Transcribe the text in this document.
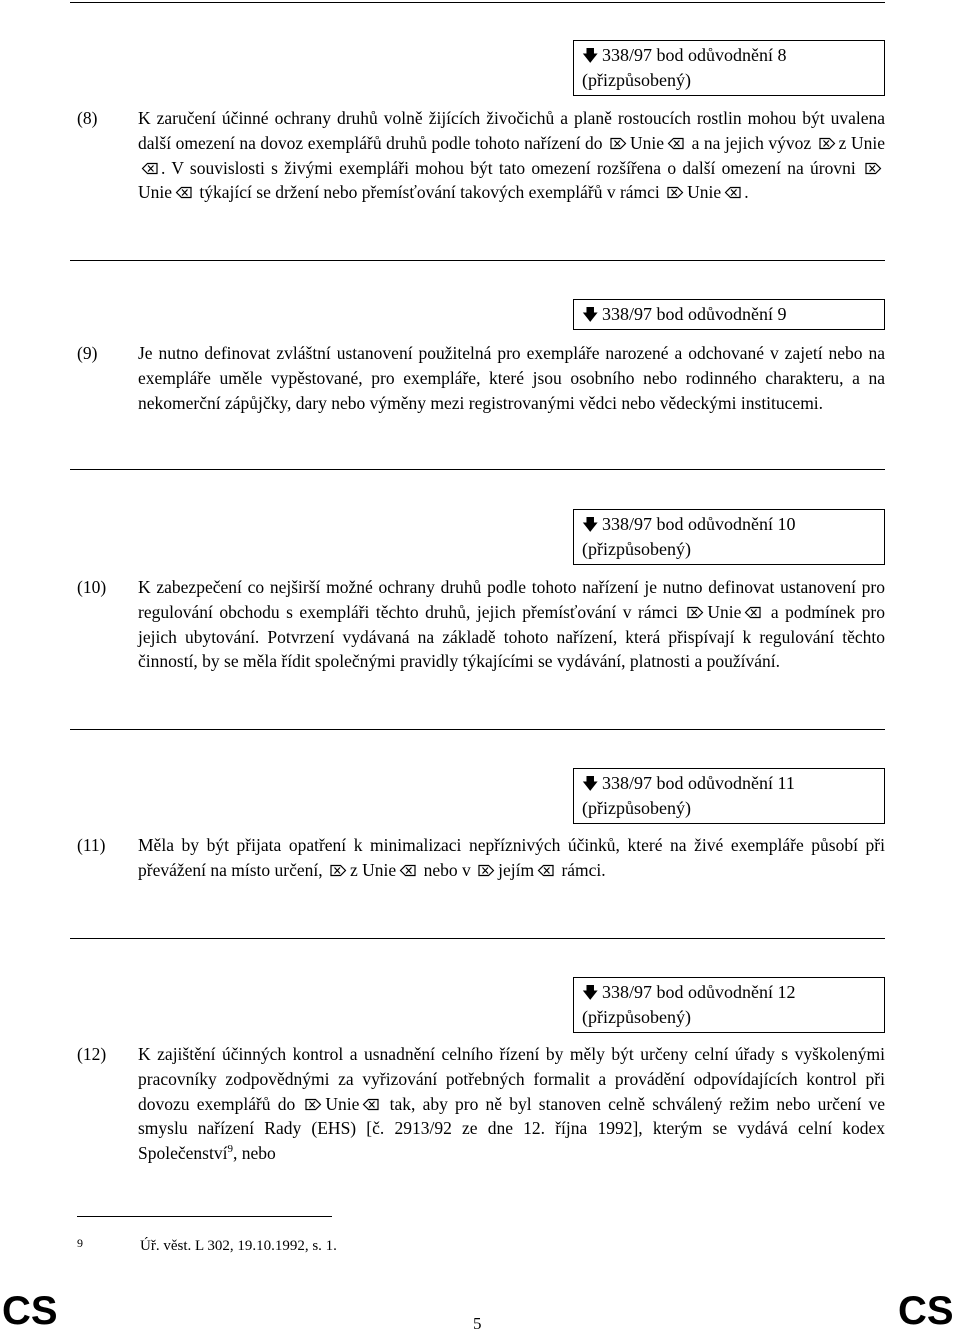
🡇 338/97 bod odůvodnění 8
(přizpůsobený)
(8) K zaručení účinné ochrany druhů volně žijících živočichů a planě rostoucích rostlin mohou být uvalena další omezení na dovoz exemplářů druhů podle tohoto nařízení do Unie a na jejich vývoz z Unie
. V souvislosti s živými exempláři mohou být tato omezení rozšířena o další omezení na úrovni
Unie týkající se držení nebo přemísťování takových exemplářů v rámci Unie .
🡇 338/97 bod odůvodnění 9
(9) Je nutno definovat zvláštní ustanovení použitelná pro exempláře narozené a odchované v zajetí nebo na exempláře uměle vypěstované, pro exempláře, které jsou osobního nebo rodinného charakteru, a na nekomerční zápůjčky, dary nebo výměny mezi registrovanými vědci nebo vědeckými institucemi.
🡇 338/97 bod odůvodnění 10
(přizpůsobený)
(10) K zabezpečení co nejširší možné ochrany druhů podle tohoto nařízení je nutno definovat ustanovení pro regulování obchodu s exempláři těchto druhů, jejich přemísťování v rámci Unie a podmínek pro jejich ubytování. Potvrzení vydávaná na základě tohoto nařízení, která přispívají k regulování těchto činností, by se měla řídit společnými pravidly týkajícími se vydávání, platnosti a používání.
🡇 338/97 bod odůvodnění 11
(přizpůsobený)
(11) Měla by být přijata opatření k minimalizaci nepříznivých účinků, které na živé exempláře působí při převážení na místo určení, z Unie nebo v jejím rámci.
🡇 338/97 bod odůvodnění 12
(přizpůsobený)
(12) K zajištění účinných kontrol a usnadnění celního řízení by měly být určeny celní úřady s vyškolenými pracovníky zodpovědnými za vyřizování potřebných formalit a provádění odpovídajících kontrol při dovozu exemplářů do Unie tak, aby pro ně byl stanoven celně schválený režim nebo určení ve smyslu nařízení Rady (EHS) [č. 2913/92 ze dne 12. října 1992], kterým se vydává celní kodex Společenství$^9$, nebo
9	Úř. věst. L 302, 19.10.1992, s. 1.
CS	5	CS
